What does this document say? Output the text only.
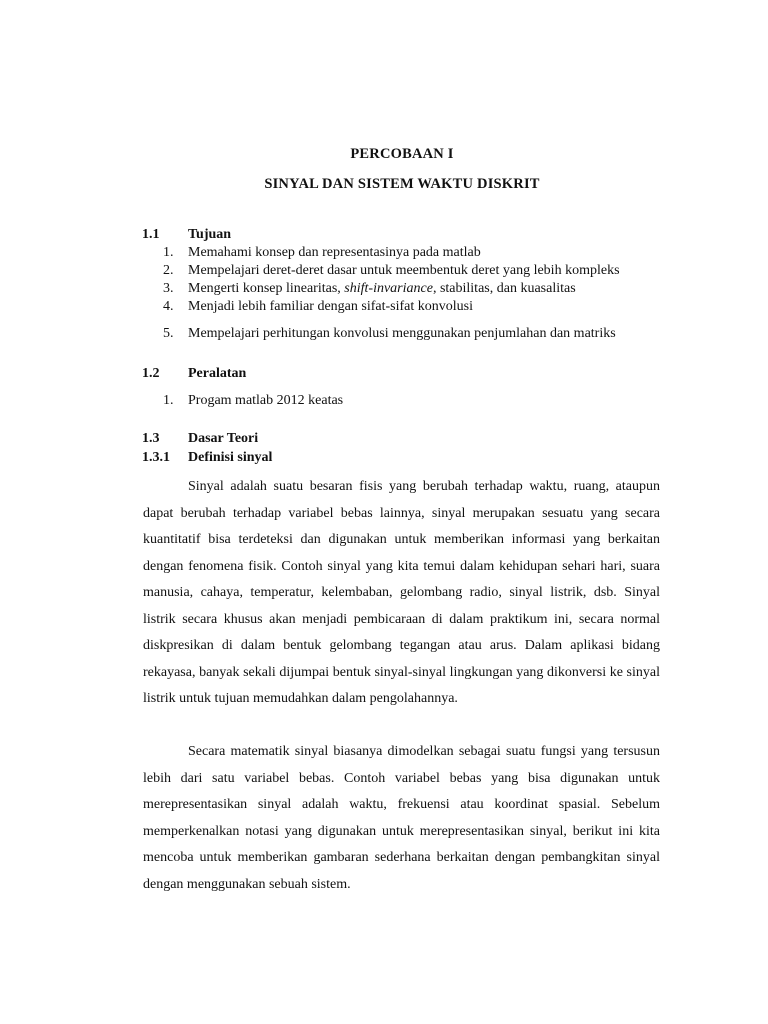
PERCOBAAN I
SINYAL DAN SISTEM WAKTU DISKRIT
1.1 Tujuan
1. Memahami konsep dan representasinya pada matlab
2. Mempelajari deret-deret dasar untuk meembentuk deret yang lebih kompleks
3. Mengerti konsep linearitas, shift-invariance, stabilitas, dan kuasalitas
4. Menjadi lebih familiar dengan sifat-sifat konvolusi
5. Mempelajari perhitungan konvolusi menggunakan penjumlahan dan matriks
1.2 Peralatan
1. Progam matlab 2012 keatas
1.3 Dasar Teori
1.3.1 Definisi sinyal

Sinyal adalah suatu besaran fisis yang berubah terhadap waktu, ruang, ataupun dapat berubah terhadap variabel bebas lainnya, sinyal merupakan sesuatu yang secara kuantitatif bisa terdeteksi dan digunakan untuk memberikan informasi yang berkaitan dengan fenomena fisik. Contoh sinyal yang kita temui dalam kehidupan sehari hari, suara manusia, cahaya, temperatur, kelembaban, gelombang radio, sinyal listrik, dsb. Sinyal listrik secara khusus akan menjadi pembicaraan di dalam praktikum ini, secara normal diskpresikan di dalam bentuk gelombang tegangan atau arus. Dalam aplikasi bidang rekayasa, banyak sekali dijumpai bentuk sinyal-sinyal lingkungan yang dikonversi ke sinyal listrik untuk tujuan memudahkan dalam pengolahannya.

Secara matematik sinyal biasanya dimodelkan sebagai suatu fungsi yang tersusun lebih dari satu variabel bebas. Contoh variabel bebas yang bisa digunakan untuk merepresentasikan sinyal adalah waktu, frekuensi atau koordinat spasial. Sebelum memperkenalkan notasi yang digunakan untuk merepresentasikan sinyal, berikut ini kita mencoba untuk memberikan gambaran sederhana berkaitan dengan pembangkitan sinyal dengan menggunakan sebuah sistem.
